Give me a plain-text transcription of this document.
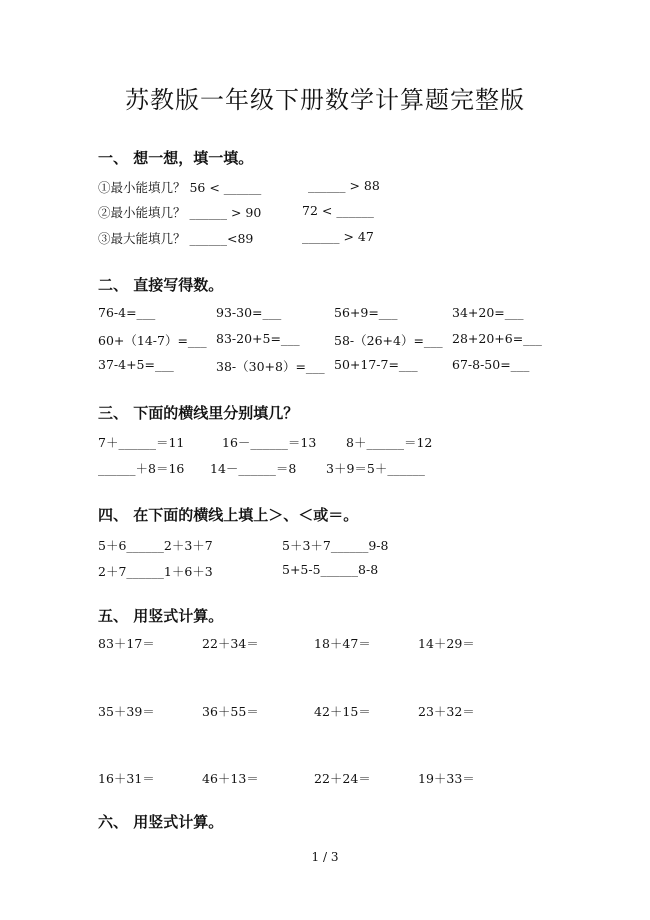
苏教版一年级下册数学计算题完整版
一、 想一想，填一填。
①最小能填几？ 56 < ______	______ > 88
②最小能填几？ ______ > 90	72 < ______
③最大能填几？ ______<89	______ > 47
二、 直接写得数。
76-4=___	93-30=___	56+9=___	34+20=___
60+（14-7）=___ 83-20+5=___	58-（26+4）=___ 28+20+6=___
37-4+5=___	38-（30+8）=___ 50+17-7=___	67-8-50=___
三、 下面的横线里分别填几？
7＋______＝11	16－______＝13 8＋______＝12
______＋8＝16 14－______＝8 3＋9＝5＋______
四、 在下面的横线上填上＞、＜或＝。
5＋6______2＋3＋7	5＋3＋7______9-8
2＋7______1＋6＋3	5+5-5______8-8
五、 用竖式计算。
83＋17＝	22＋34＝	18＋47＝	14＋29＝
35＋39＝	36＋55＝	42＋15＝	23＋32＝
16＋31＝	46＋13＝	22＋24＝	19＋33＝
六、 用竖式计算。
1 / 3
